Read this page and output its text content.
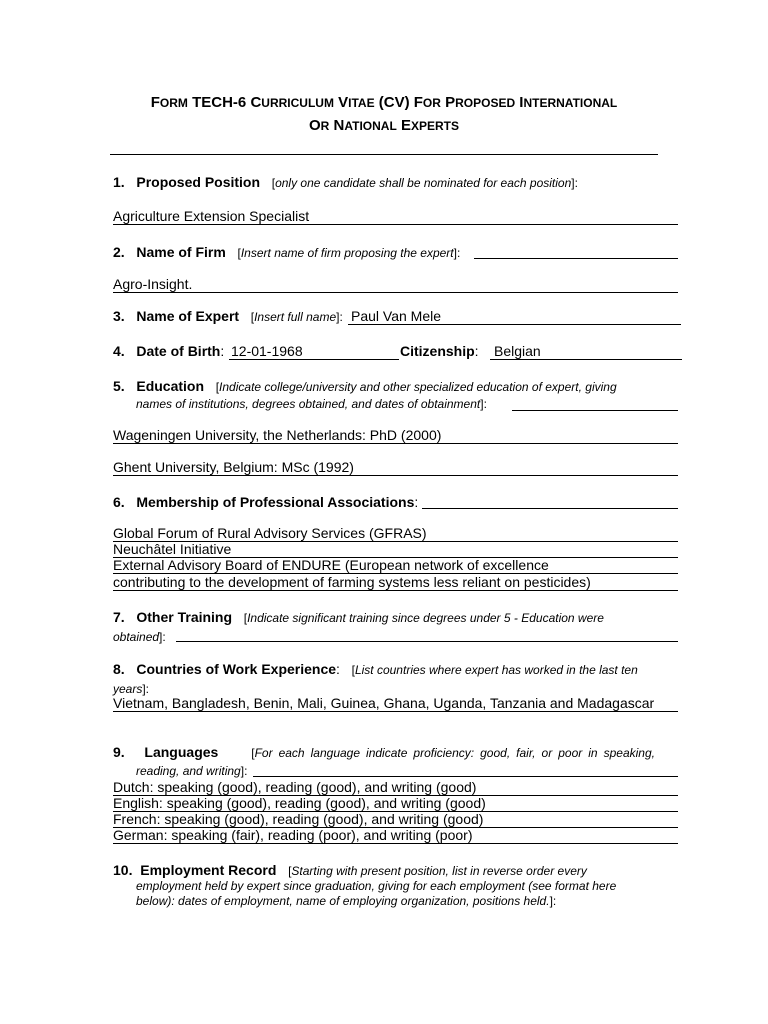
FORM TECH-6 CURRICULUM VITAE (CV) FOR PROPOSED INTERNATIONAL
OR NATIONAL EXPERTS
1. Proposed Position [only one candidate shall be nominated for each position]:
Agriculture Extension Specialist
2. Name of Firm [Insert name of firm proposing the expert]:
Agro-Insight.
3. Name of Expert [Insert full name]: Paul Van Mele
4. Date of Birth: 12-01-1968	Citizenship: Belgian
5. Education [Indicate college/university and other specialized education of expert, giving
names of institutions, degrees obtained, and dates of obtainment]:
Wageningen University, the Netherlands: PhD (2000)
Ghent University, Belgium: MSc (1992)
6. Membership of Professional Associations:
Global Forum of Rural Advisory Services (GFRAS)
Neuchâtel Initiative
External Advisory Board of ENDURE (European network of excellence
contributing to the development of farming systems less reliant on pesticides)
7. Other Training [Indicate significant training since degrees under 5 - Education were
obtained]:
8. Countries of Work Experience:   [List countries where expert has worked in the last ten
years]:
Vietnam, Bangladesh, Benin, Mali, Guinea, Ghana, Uganda, Tanzania and Madagascar
9. Languages	[For each language indicate proficiency: good, fair, or poor in speaking,
reading, and writing]:
Dutch: speaking (good), reading (good), and writing (good)
English: speaking (good), reading (good), and writing (good)
French: speaking (good), reading (good), and writing (good)
German: speaking (fair), reading (poor), and writing (poor)
10. Employment Record [Starting with present position, list in reverse order every
employment held by expert since graduation, giving for each employment (see format here
below): dates of employment, name of employing organization, positions held.]:
